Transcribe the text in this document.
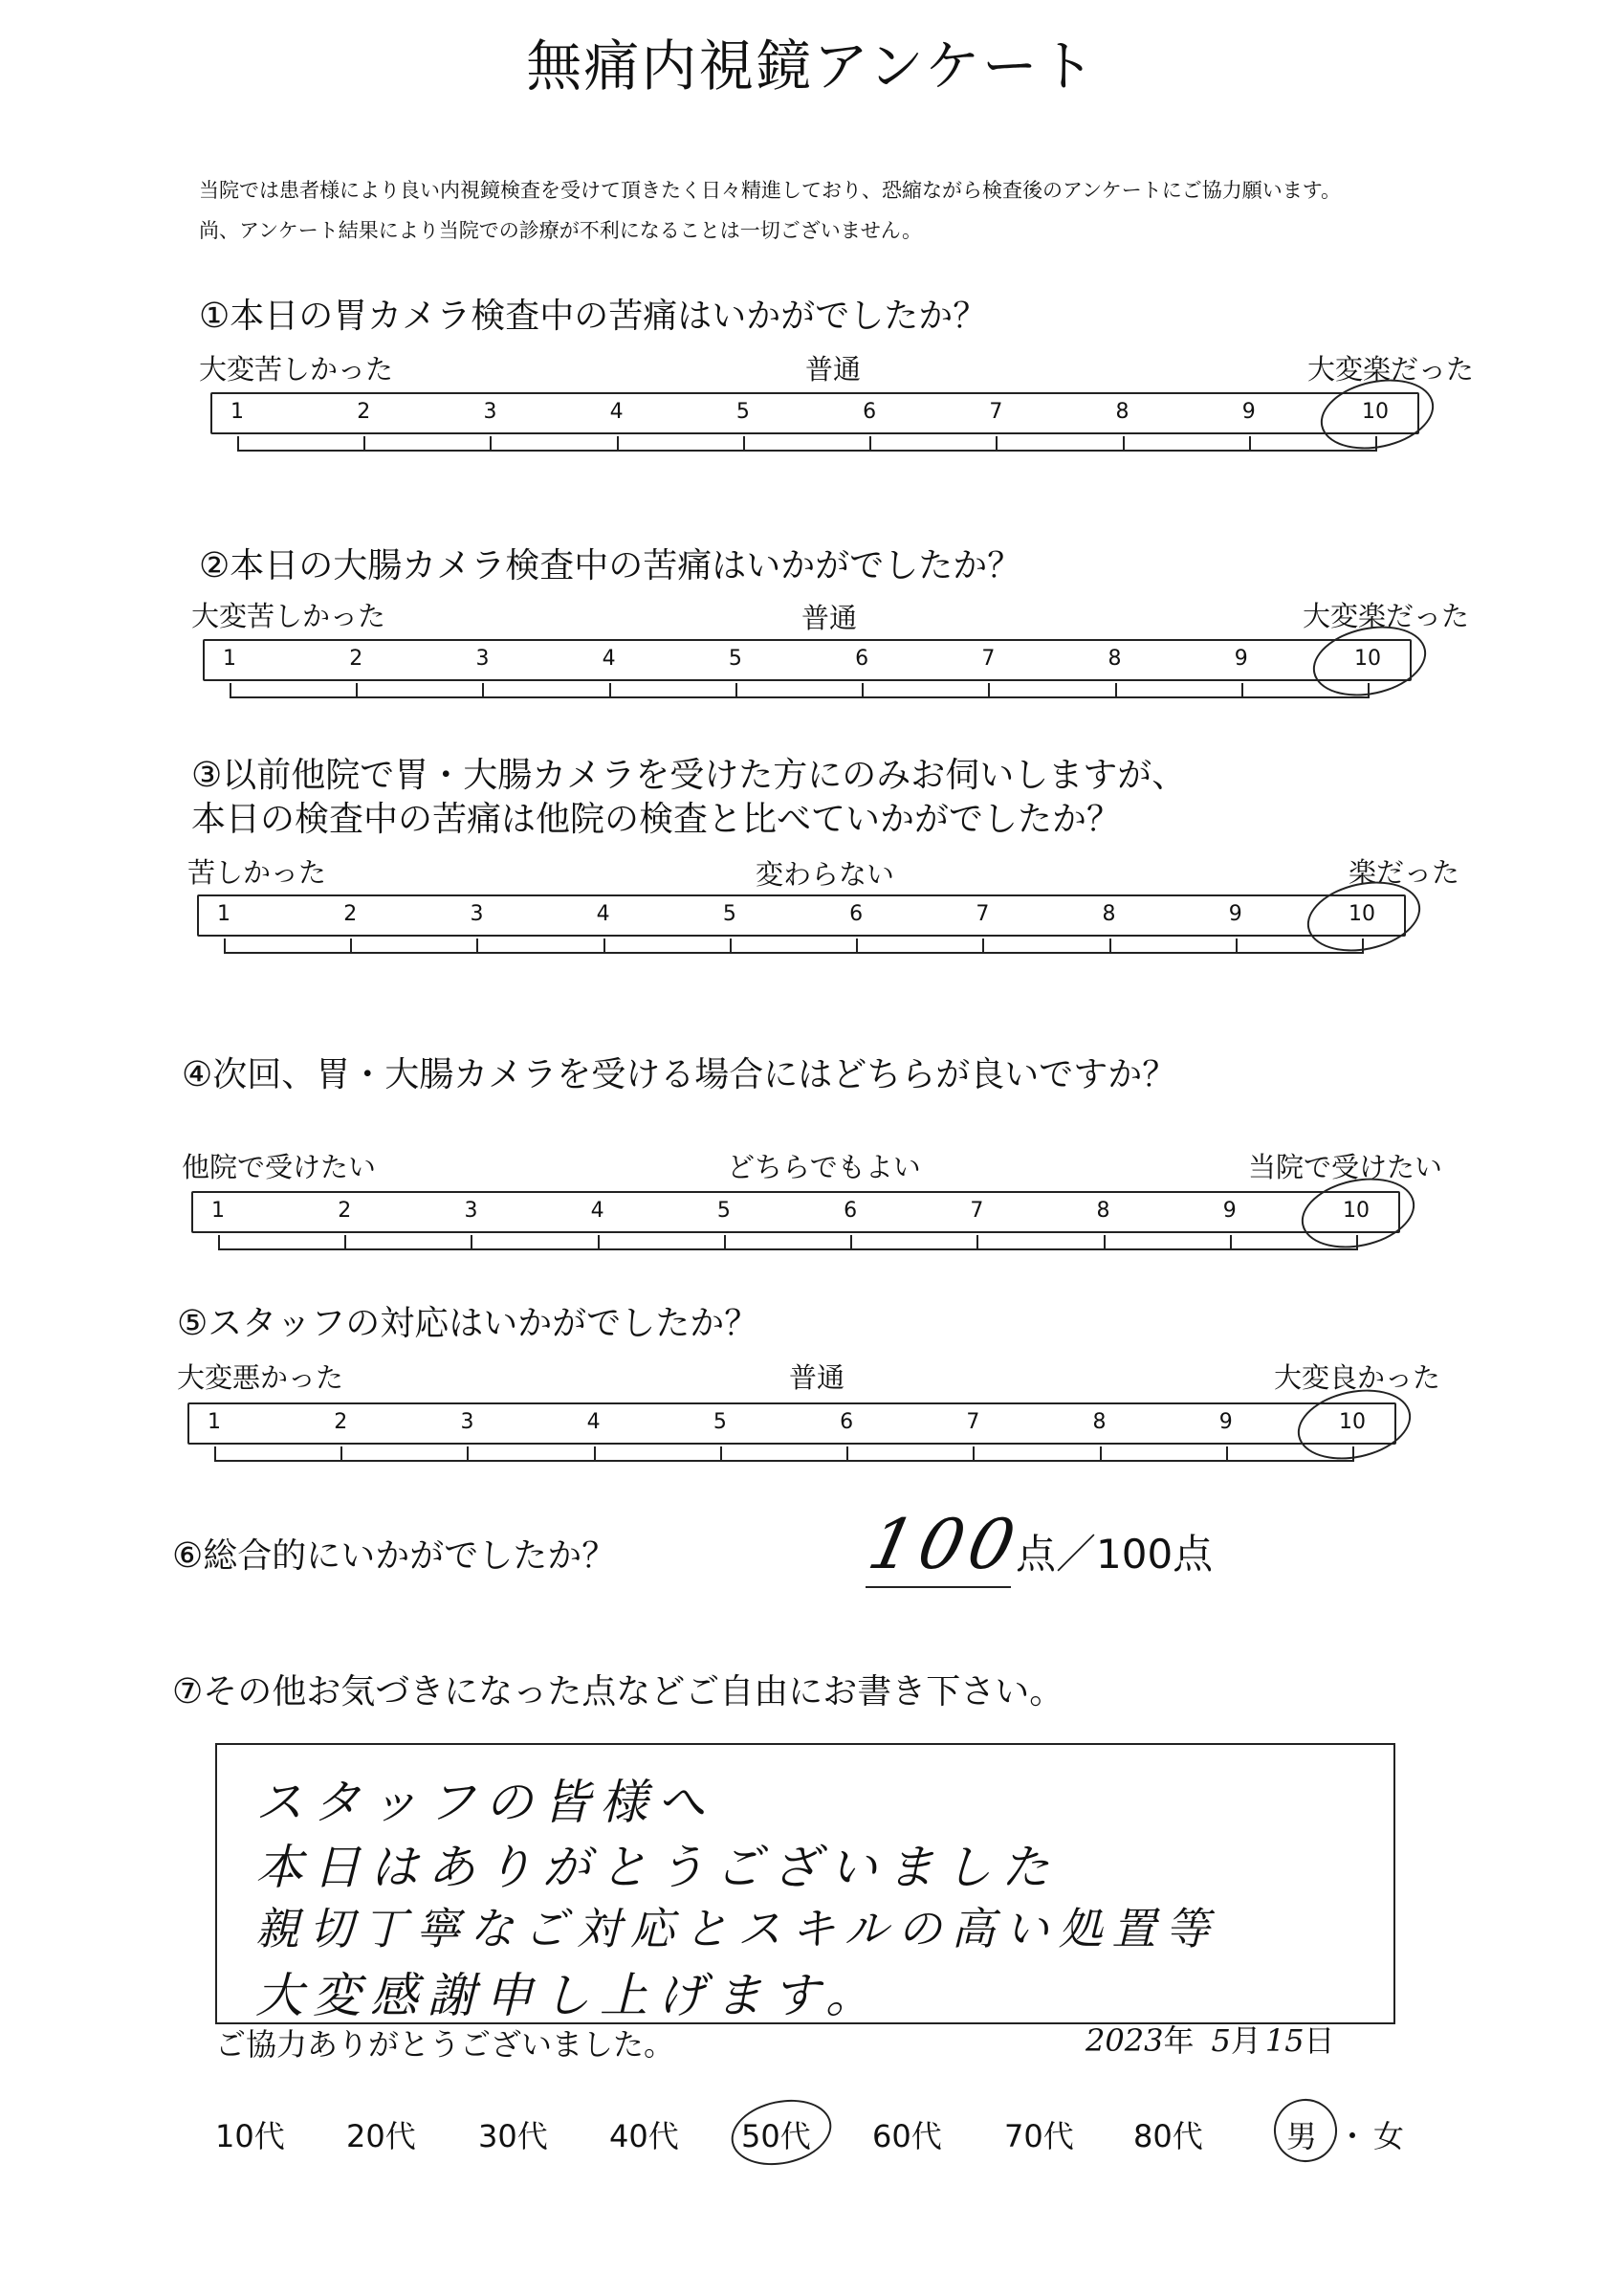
無痛内視鏡アンケート
当院では患者様により良い内視鏡検査を受けて頂きたく日々精進しており、恐縮ながら検査後のアンケートにご協力願います。
尚、アンケート結果により当院での診療が不利になることは一切ございません。
①本日の胃カメラ検査中の苦痛はいかがでしたか？
大変苦しかった	普通	大変楽だった
1	2	3	4	5	6	7	8	9	10
②本日の大腸カメラ検査中の苦痛はいかがでしたか？
大変苦しかった	普通	大変楽だった
1	2	3	4	5	6	7	8	9	10
③以前他院で胃・大腸カメラを受けた方にのみお伺いしますが、
本日の検査中の苦痛は他院の検査と比べていかがでしたか？
苦しかった	変わらない	楽だった
1	2	3	4	5	6	7	8	9	10
④次回、胃・大腸カメラを受ける場合にはどちらが良いですか？
他院で受けたい	どちらでもよい	当院で受けたい
1	2	3	4	5	6	7	8	9	10
⑤スタッフの対応はいかがでしたか？
大変悪かった	普通	大変良かった
1	2	3	4	5	6	7	8	9	10
⑥総合的にいかがでしたか？	100
点／100点
⑦その他お気づきになった点などご自由にお書き下さい。
スタッフの皆様へ
本日はありがとうございました
親切丁寧なご対応とスキルの高い処置等
大変感謝申し上げます。
ご協力ありがとうございました。	2023年 5月 15日
10代 20代 30代 40代 50代 60代 70代 80代	男 ・ 女
